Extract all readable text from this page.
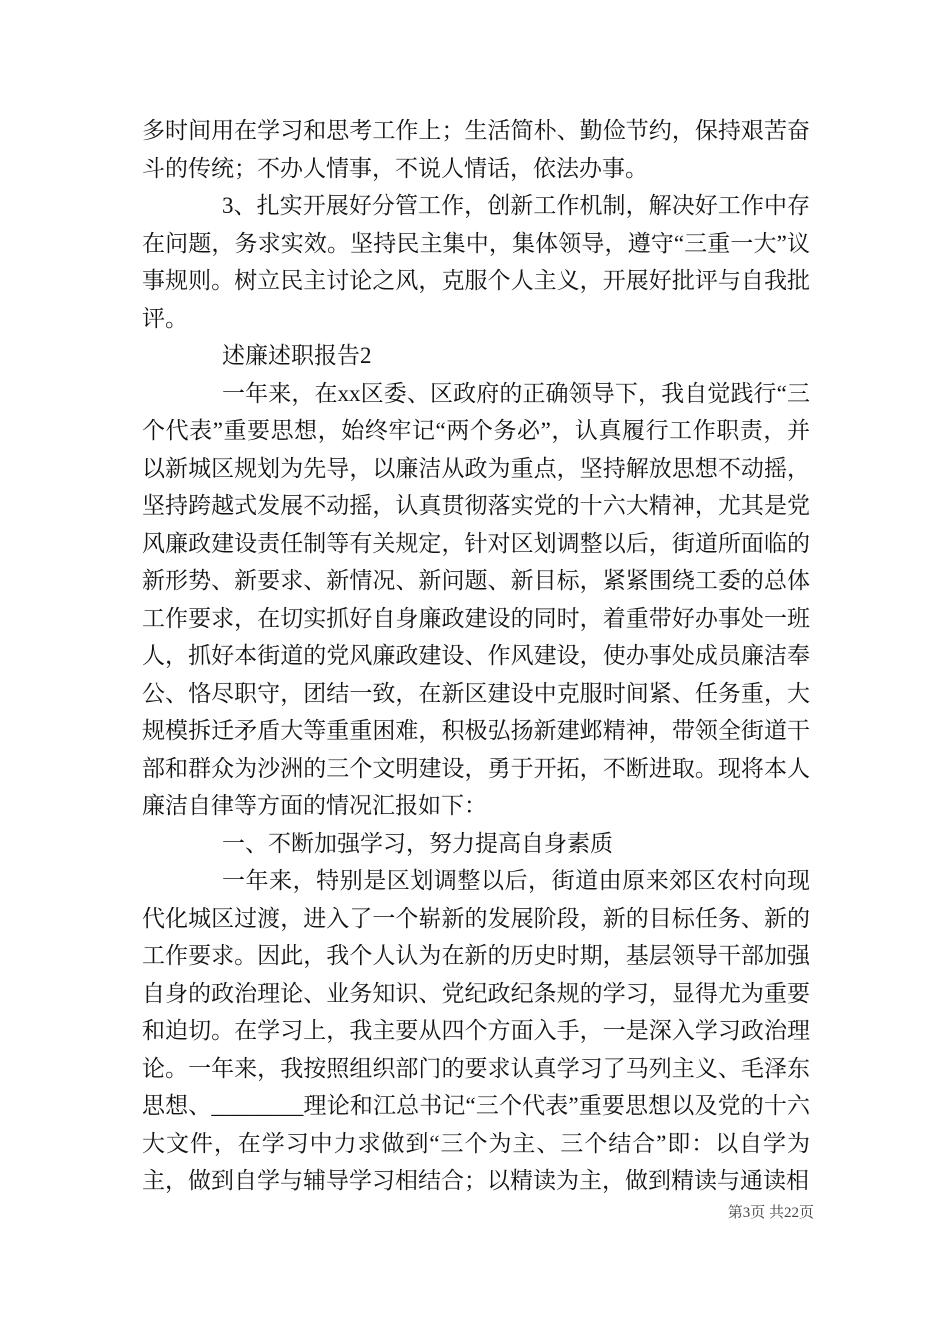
多时间用在学习和思考工作上；生活简朴、勤俭节约，保持艰苦奋斗的传统；不办人情事，不说人情话，依法办事。

3、扎实开展好分管工作，创新工作机制，解决好工作中存在问题，务求实效。坚持民主集中，集体领导，遵守“三重一大”议事规则。树立民主讨论之风，克服个人主义，开展好批评与自我批评。

述廉述职报告2

一年来，在xx区委、区政府的正确领导下，我自觉践行“三个代表”重要思想，始终牢记“两个务必”，认真履行工作职责，并以新城区规划为先导，以廉洁从政为重点，坚持解放思想不动摇，坚持跨越式发展不动摇，认真贯彻落实党的十六大精神，尤其是党风廉政建设责任制等有关规定，针对区划调整以后，街道所面临的新形势、新要求、新情况、新问题、新目标，紧紧围绕工委的总体工作要求，在切实抓好自身廉政建设的同时，着重带好办事处一班人，抓好本街道的党风廉政建设、作风建设，使办事处成员廉洁奉公、恪尽职守，团结一致，在新区建设中克服时间紧、任务重，大规模拆迁矛盾大等重重困难，积极弘扬新建邺精神，带领全街道干部和群众为沙洲的三个文明建设，勇于开拓，不断进取。现将本人廉洁自律等方面的情况汇报如下：

一、不断加强学习，努力提高自身素质

一年来，特别是区划调整以后，街道由原来郊区农村向现代化城区过渡，进入了一个崭新的发展阶段，新的目标任务、新的工作要求。因此，我个人认为在新的历史时期，基层领导干部加强自身的政治理论、业务知识、党纪政纪条规的学习，显得尤为重要和迫切。在学习上，我主要从四个方面入手，一是深入学习政治理论。一年来，我按照组织部门的要求认真学习了马列主义、毛泽东思想、________理论和江总书记“三个代表”重要思想以及党的十六大文件，在学习中力求做到“三个为主、三个结合”即：以自学为主，做到自学与辅导学习相结合；以精读为主，做到精读与通读相

第3页 共22页
